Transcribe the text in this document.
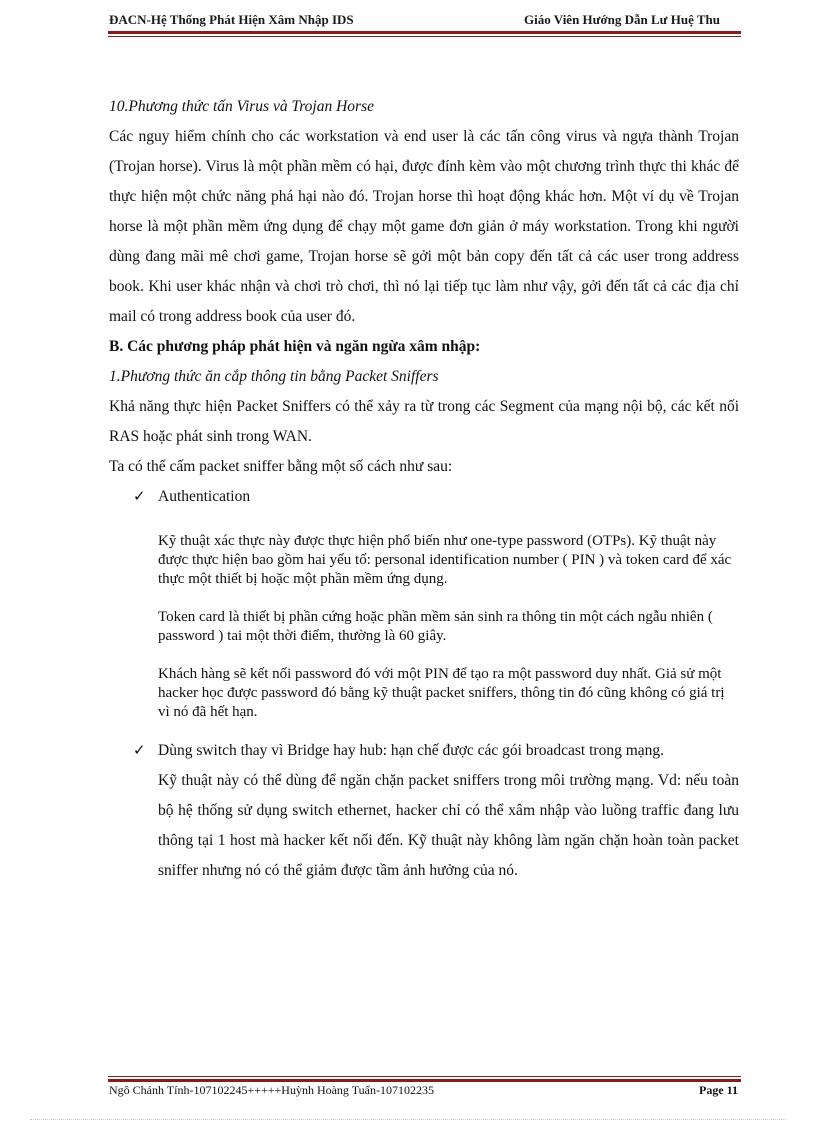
ĐACN-Hệ Thống Phát Hiện Xâm Nhập IDS	Giáo Viên Hướng Dẫn Lư Huệ Thu

10.Phương thức tấn Virus và Trojan Horse

Các nguy hiểm chính cho các workstation và end user là các tấn công virus và ngựa thành Trojan (Trojan horse). Virus là một phần mềm có hại, được đính kèm vào một chương trình thực thi khác để thực hiện một chức năng phá hại nào đó. Trojan horse thì hoạt động khác hơn. Một ví dụ về Trojan horse là một phần mềm ứng dụng để chạy một game đơn giản ở máy workstation. Trong khi người dùng đang mãi mê chơi game, Trojan horse sẽ gởi một bản copy đến tất cả các user trong address book. Khi user khác nhận và chơi trò chơi, thì nó lại tiếp tục làm như vậy, gởi đến tất cả các địa chỉ mail có trong address book của user đó.

B. Các phương pháp phát hiện và ngăn ngừa xâm nhập:

1.Phương thức ăn cắp thông tin bằng Packet Sniffers

Khả năng thực hiện Packet Sniffers có thể xảy ra từ trong các Segment của mạng nội bộ, các kết nối RAS hoặc phát sinh trong WAN.

Ta có thể cấm packet sniffer bằng một số cách như sau:

✓ Authentication

Kỹ thuật xác thực này được thực hiện phổ biến như one-type password (OTPs). Kỹ thuật này được thực hiện bao gồm hai yếu tố: personal identification number ( PIN ) và token card để xác thực một thiết bị hoặc một phần mềm ứng dụng.

Token card là thiết bị phần cứng hoặc phần mềm sản sinh ra thông tin một cách ngẫu nhiên ( password ) tai một thời điểm, thường là 60 giây.

Khách hàng sẽ kết nối password đó với một PIN để tạo ra một password duy nhất. Giả sử một hacker học được password đó bằng kỹ thuật packet sniffers, thông tin đó cũng không có giá trị vì nó đã hết hạn.

✓ Dùng switch thay vì Bridge hay hub: hạn chế được các gói broadcast trong mạng.

Kỹ thuật này có thể dùng để ngăn chặn packet sniffers trong môi trường mạng. Vd: nếu toàn bộ hệ thống sử dụng switch ethernet, hacker chỉ có thể xâm nhập vào luồng traffic đang lưu thông tại 1 host mà hacker kết nối đến. Kỹ thuật này không làm ngăn chặn hoàn toàn packet sniffer nhưng nó có thể giảm được tầm ảnh hưởng của nó.

Ngô Chánh Tính-107102245+++++Huỳnh Hoàng Tuấn-107102235	Page 11
